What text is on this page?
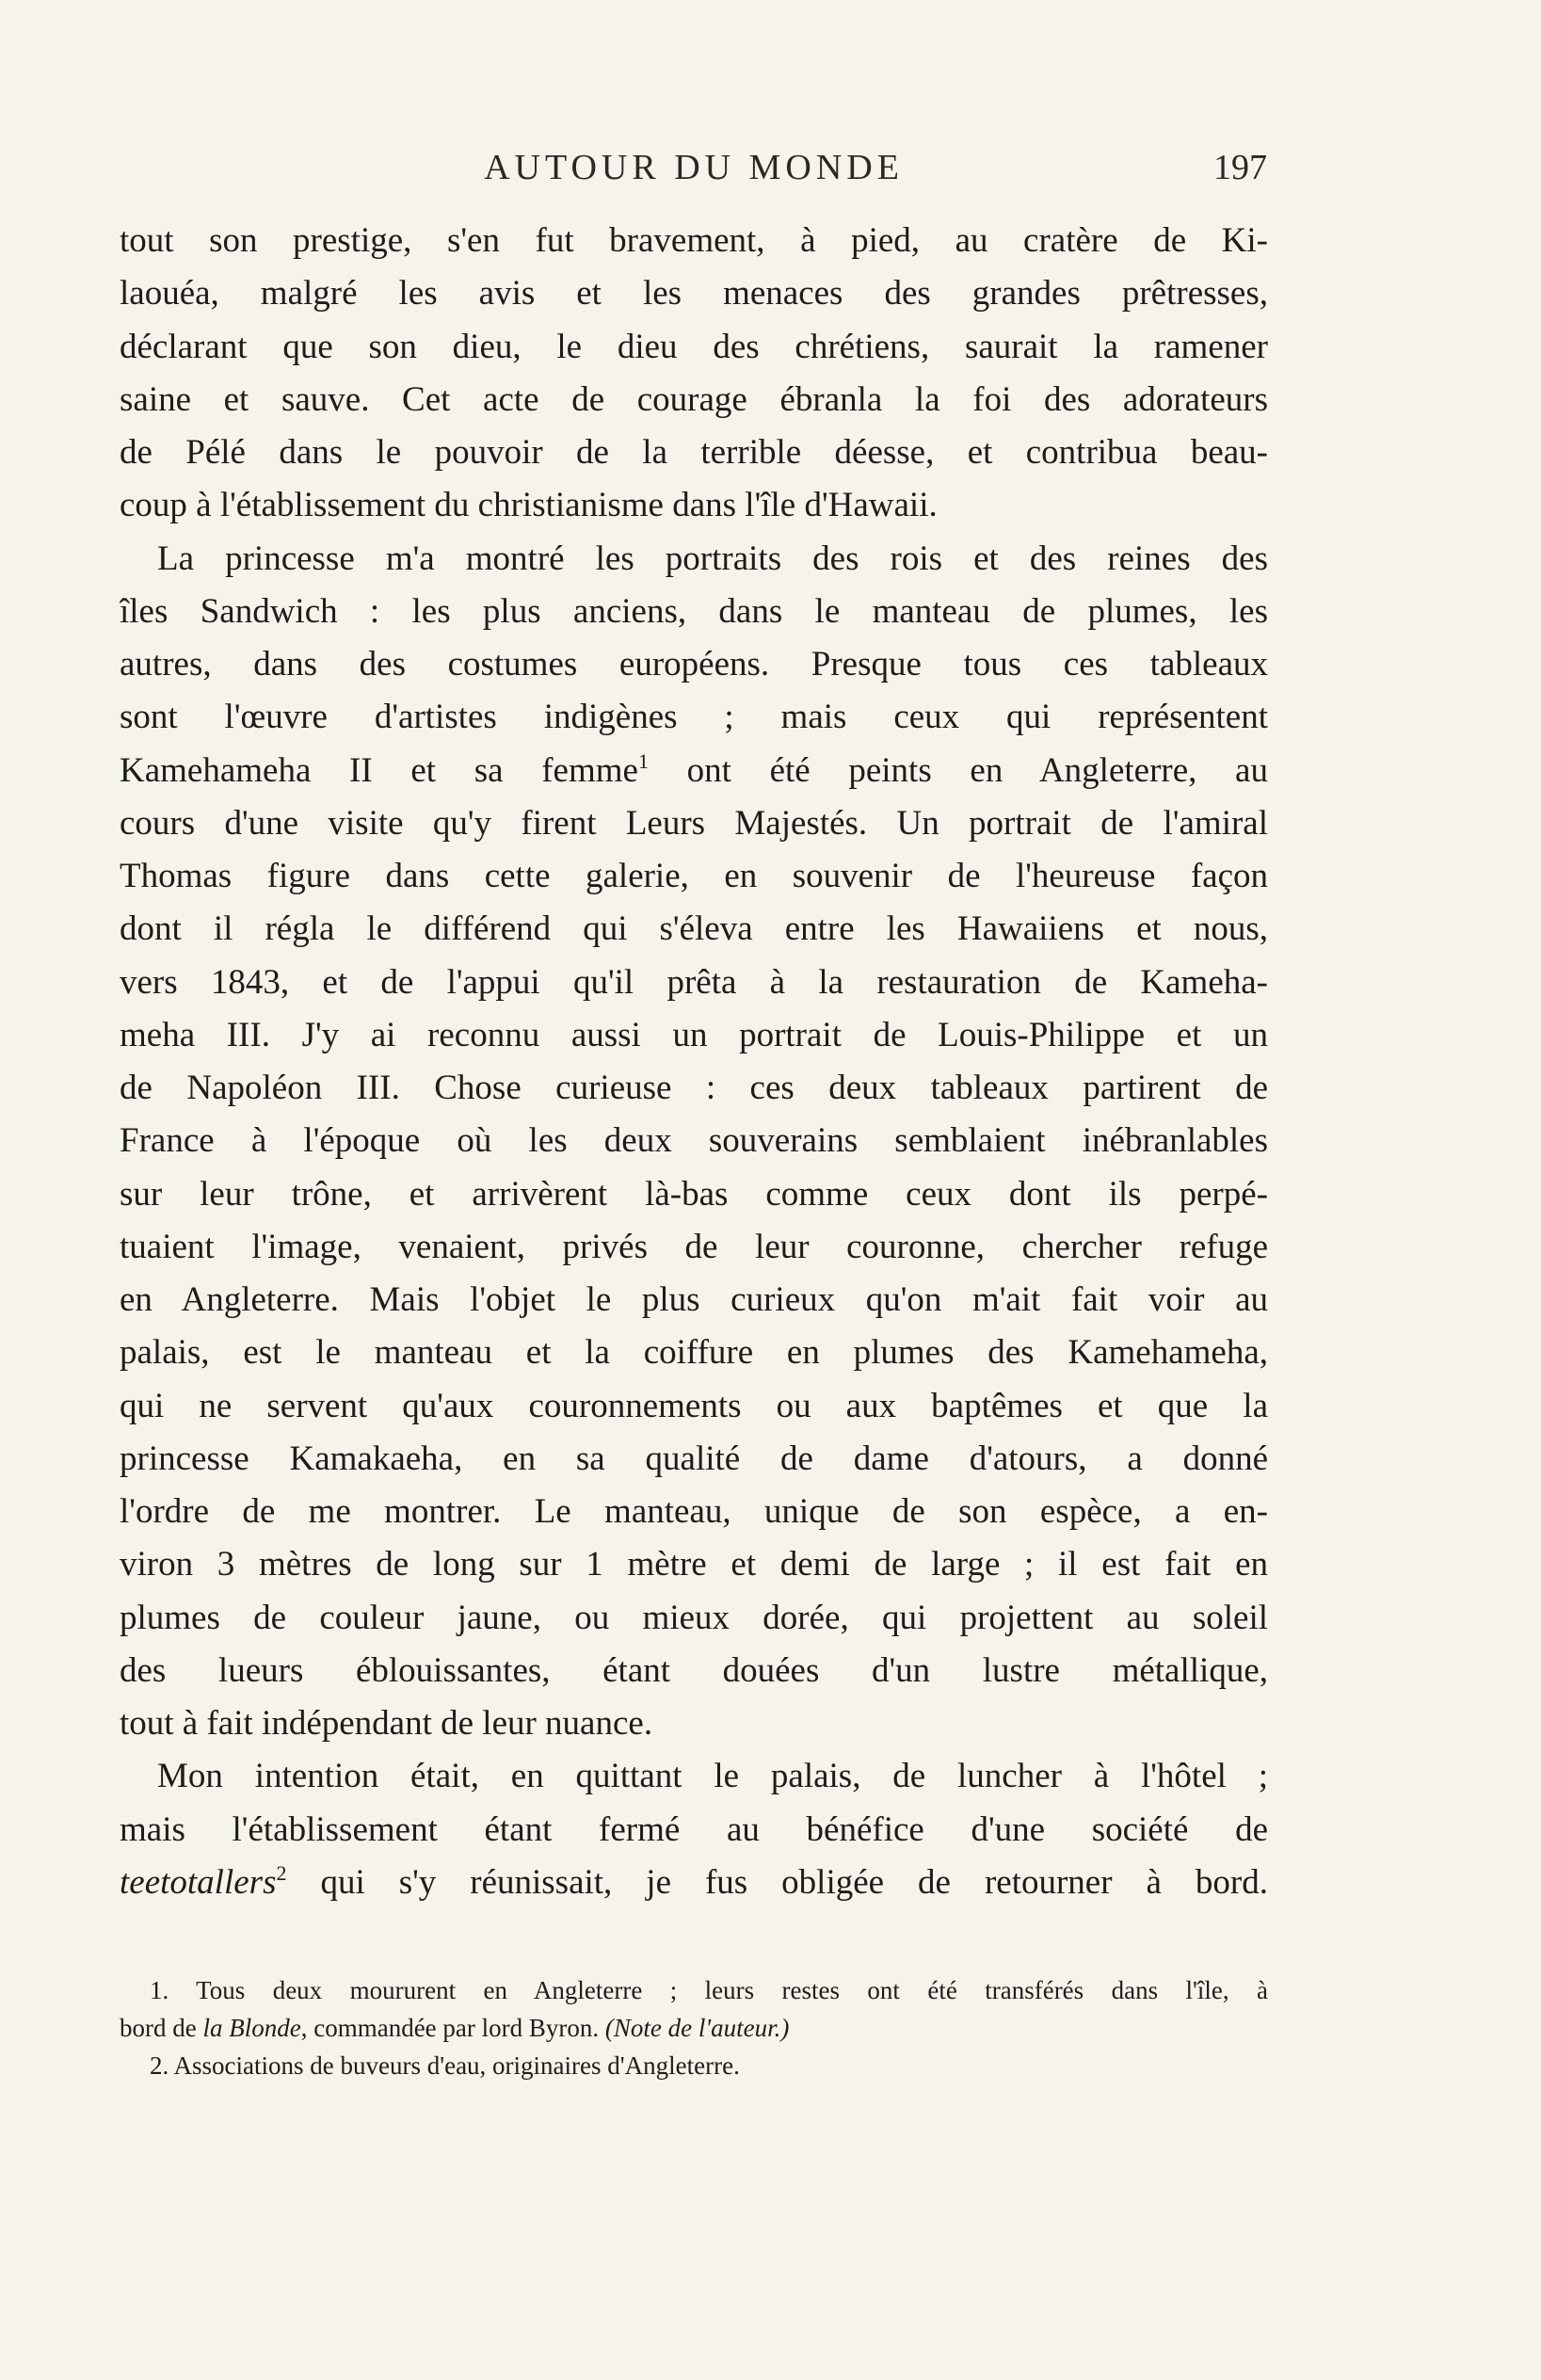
AUTOUR DU MONDE	197
tout son prestige, s'en fut bravement, à pied, au cratère de Ki-
laouéa, malgré les avis et les menaces des grandes prêtresses,
déclarant que son dieu, le dieu des chrétiens, saurait la ramener
saine et sauve. Cet acte de courage ébranla la foi des adorateurs
de Pélé dans le pouvoir de la terrible déesse, et contribua beau-
coup à l'établissement du christianisme dans l'île d'Hawaii.
La princesse m'a montré les portraits des rois et des reines des
îles Sandwich : les plus anciens, dans le manteau de plumes, les
autres, dans des costumes européens. Presque tous ces tableaux
sont l'œuvre d'artistes indigènes ; mais ceux qui représentent
Kamehameha II et sa femme$^1$ ont été peints en Angleterre, au
cours d'une visite qu'y firent Leurs Majestés. Un portrait de l'amiral
Thomas figure dans cette galerie, en souvenir de l'heureuse façon
dont il régla le différend qui s'éleva entre les Hawaiiens et nous,
vers 1843, et de l'appui qu'il prêta à la restauration de Kameha-
meha III. J'y ai reconnu aussi un portrait de Louis-Philippe et un
de Napoléon III. Chose curieuse : ces deux tableaux partirent de
France à l'époque où les deux souverains semblaient inébranlables
sur leur trône, et arrivèrent là-bas comme ceux dont ils perpé-
tuaient l'image, venaient, privés de leur couronne, chercher refuge
en Angleterre. Mais l'objet le plus curieux qu'on m'ait fait voir au
palais, est le manteau et la coiffure en plumes des Kamehameha,
qui ne servent qu'aux couronnements ou aux baptêmes et que la
princesse Kamakaeha, en sa qualité de dame d'atours, a donné
l'ordre de me montrer. Le manteau, unique de son espèce, a en-
viron 3 mètres de long sur 1 mètre et demi de large ; il est fait en
plumes de couleur jaune, ou mieux dorée, qui projettent au soleil
des lueurs éblouissantes, étant douées d'un lustre métallique,
tout à fait indépendant de leur nuance.
Mon intention était, en quittant le palais, de luncher à l'hôtel ;
mais l'établissement étant fermé au bénéfice d'une société de
teetotallers$^2$ qui s'y réunissait, je fus obligée de retourner à bord.
1. Tous deux moururent en Angleterre ; leurs restes ont été transférés dans l'île, à
bord de la Blonde, commandée par lord Byron. (Note de l'auteur.)
2. Associations de buveurs d'eau, originaires d'Angleterre.
